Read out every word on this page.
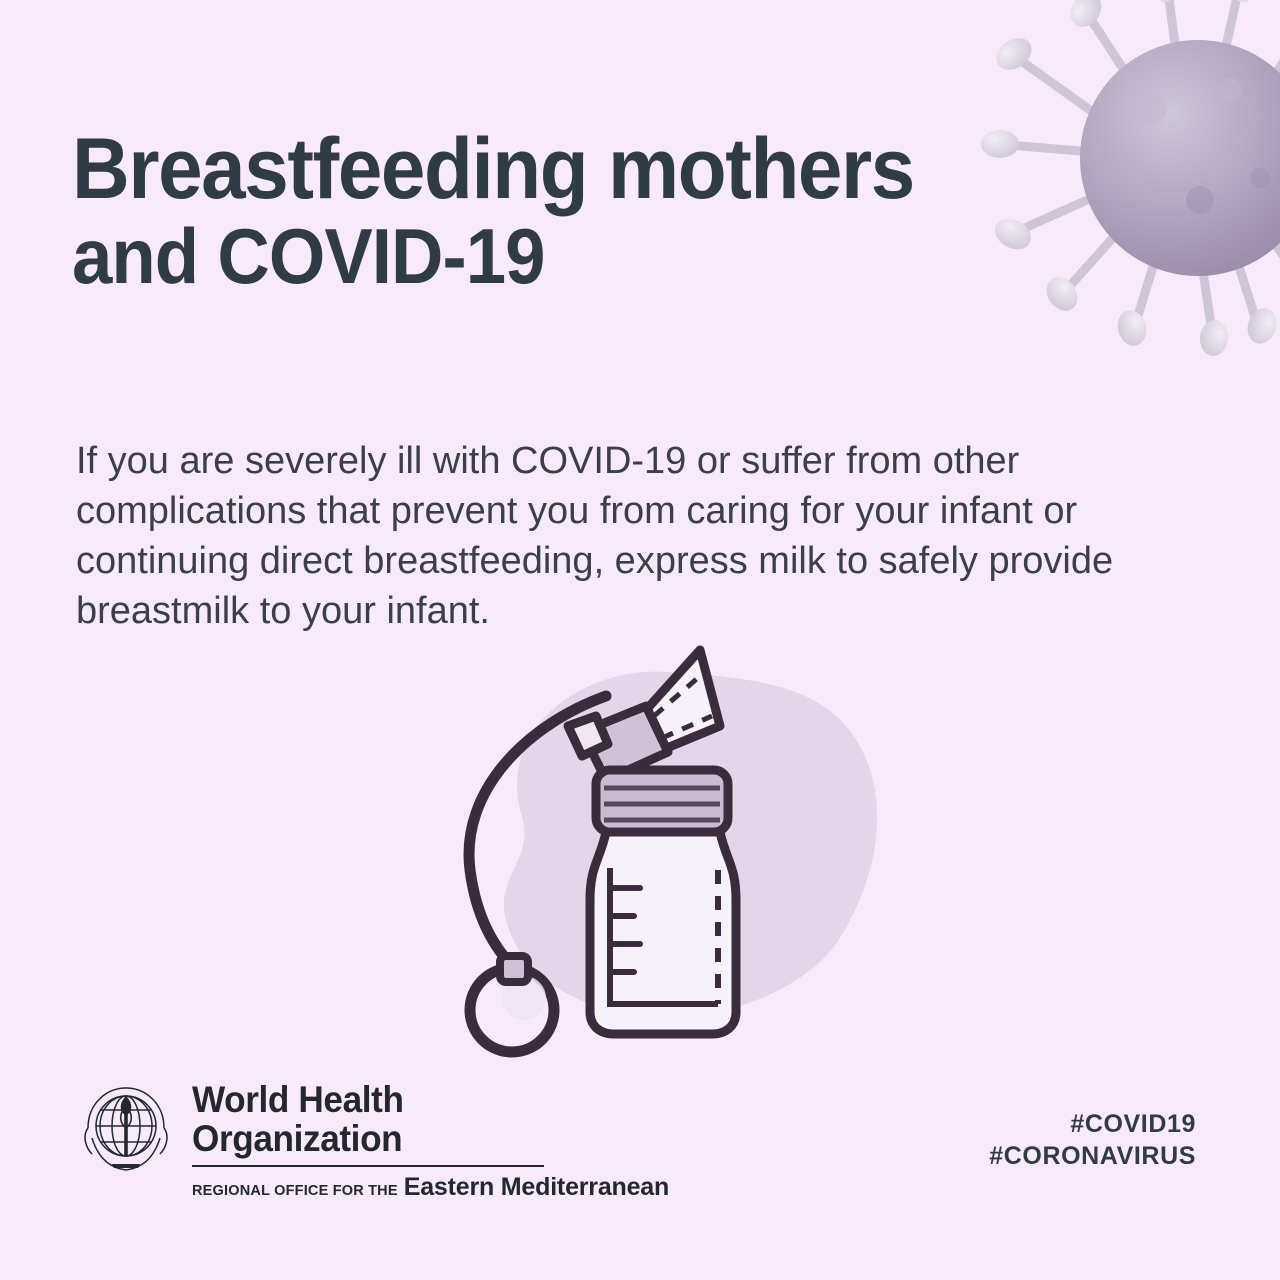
Breastfeeding mothers
and COVID-19

If you are severely ill with COVID-19 or suffer from other complications that prevent you from caring for your infant or continuing direct breastfeeding, express milk to safely provide breastmilk to your infant.

World Health
Organization
REGIONAL OFFICE FOR THE Eastern Mediterranean
#COVID19
#CORONAVIRUS
